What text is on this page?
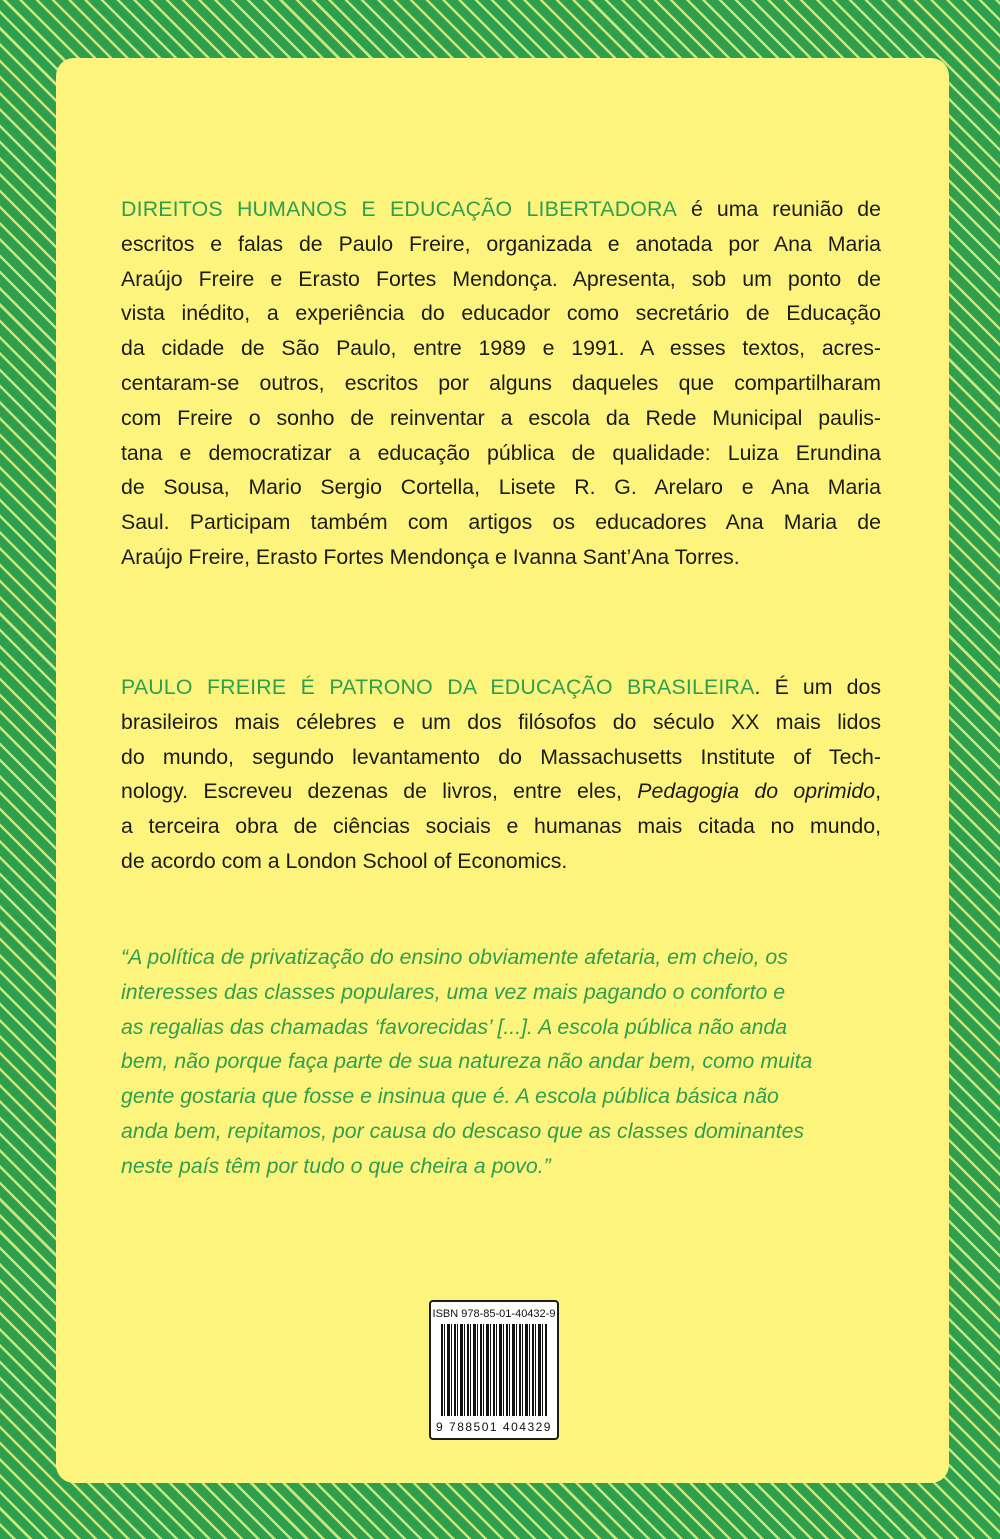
DIREITOS HUMANOS E EDUCAÇÃO LIBERTADORA é uma reunião de
escritos e falas de Paulo Freire, organizada e anotada por Ana Maria
Araújo Freire e Erasto Fortes Mendonça. Apresenta, sob um ponto de
vista inédito, a experiência do educador como secretário de Educação
da cidade de São Paulo, entre 1989 e 1991. A esses textos, acres-
centaram-se outros, escritos por alguns daqueles que compartilharam
com Freire o sonho de reinventar a escola da Rede Municipal paulis-
tana e democratizar a educação pública de qualidade: Luiza Erundina
de Sousa, Mario Sergio Cortella, Lisete R. G. Arelaro e Ana Maria
Saul. Participam também com artigos os educadores Ana Maria de
Araújo Freire, Erasto Fortes Mendonça e Ivanna Sant’Ana Torres.
PAULO FREIRE É PATRONO DA EDUCAÇÃO BRASILEIRA. É um dos
brasileiros mais célebres e um dos filósofos do século XX mais lidos
do mundo, segundo levantamento do Massachusetts Institute of Tech-
nology. Escreveu dezenas de livros, entre eles, Pedagogia do oprimido,
a terceira obra de ciências sociais e humanas mais citada no mundo,
de acordo com a London School of Economics.
“A política de privatização do ensino obviamente afetaria, em cheio, os
interesses das classes populares, uma vez mais pagando o conforto e
as regalias das chamadas ‘favorecidas’ [...]. A escola pública não anda
bem, não porque faça parte de sua natureza não andar bem, como muita
gente gostaria que fosse e insinua que é. A escola pública básica não
anda bem, repitamos, por causa do descaso que as classes dominantes
neste país têm por tudo o que cheira a povo.”
ISBN 978-85-01-40432-9
9 788501 404329
